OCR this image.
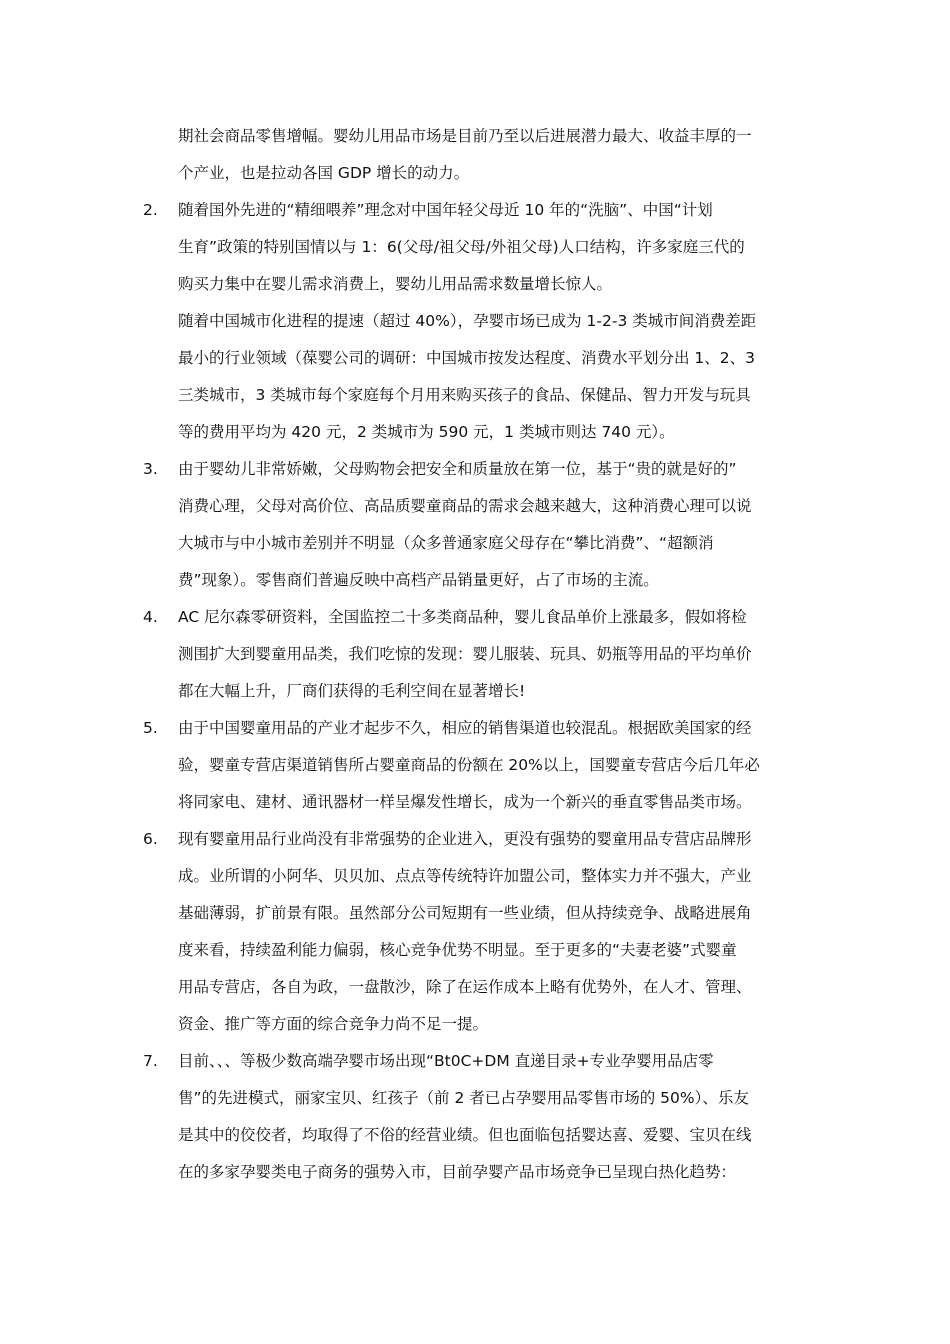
期社会商品零售增幅。婴幼儿用品市场是目前乃至以后进展潜力最大、收益丰厚的一
个产业，也是拉动各国 GDP 增长的动力。
2. 随着国外先进的“精细喂养”理念对中国年轻父母近 10 年的“洗脑”、中国“计划
生育”政策的特别国情以与 1：6(父母/祖父母/外祖父母)人口结构，许多家庭三代的
购买力集中在婴儿需求消费上，婴幼儿用品需求数量增长惊人。
随着中国城市化进程的提速（超过 40%），孕婴市场已成为 1-2-3 类城市间消费差距
最小的行业领域（葆婴公司的调研：中国城市按发达程度、消费水平划分出 1、2、3
三类城市，3 类城市每个家庭每个月用来购买孩子的食品、保健品、智力开发与玩具
等的费用平均为 420 元，2 类城市为 590 元，1 类城市则达 740 元）。
3. 由于婴幼儿非常娇嫩，父母购物会把安全和质量放在第一位，基于“贵的就是好的”
消费心理，父母对高价位、高品质婴童商品的需求会越来越大，这种消费心理可以说
大城市与中小城市差别并不明显（众多普通家庭父母存在“攀比消费”、“超额消
费”现象）。零售商们普遍反映中高档产品销量更好，占了市场的主流。
4. AC 尼尔森零研资料，全国监控二十多类商品种，婴儿食品单价上涨最多，假如将检
测围扩大到婴童用品类，我们吃惊的发现：婴儿服装、玩具、奶瓶等用品的平均单价
都在大幅上升，厂商们获得的毛利空间在显著增长!
5. 由于中国婴童用品的产业才起步不久，相应的销售渠道也较混乱。根据欧美国家的经
验，婴童专营店渠道销售所占婴童商品的份额在 20%以上，国婴童专营店今后几年必
将同家电、建材、通讯器材一样呈爆发性增长，成为一个新兴的垂直零售品类市场。
6. 现有婴童用品行业尚没有非常强势的企业进入，更没有强势的婴童用品专营店品牌形
成。业所谓的小阿华、贝贝加、点点等传统特许加盟公司，整体实力并不强大，产业
基础薄弱，扩前景有限。虽然部分公司短期有一些业绩，但从持续竞争、战略进展角
度来看，持续盈利能力偏弱，核心竞争优势不明显。至于更多的“夫妻老婆”式婴童
用品专营店，各自为政，一盘散沙，除了在运作成本上略有优势外，在人才、管理、
资金、推广等方面的综合竞争力尚不足一提。
7. 目前、、、等极少数高端孕婴市场出现“Bt0C+DM 直递目录+专业孕婴用品店零
售”的先进模式，丽家宝贝、红孩子（前 2 者已占孕婴用品零售市场的 50%）、乐友
是其中的佼佼者，均取得了不俗的经营业绩。但也面临包括婴达喜、爱婴、宝贝在线
在的多家孕婴类电子商务的强势入市，目前孕婴产品市场竞争已呈现白热化趋势：
